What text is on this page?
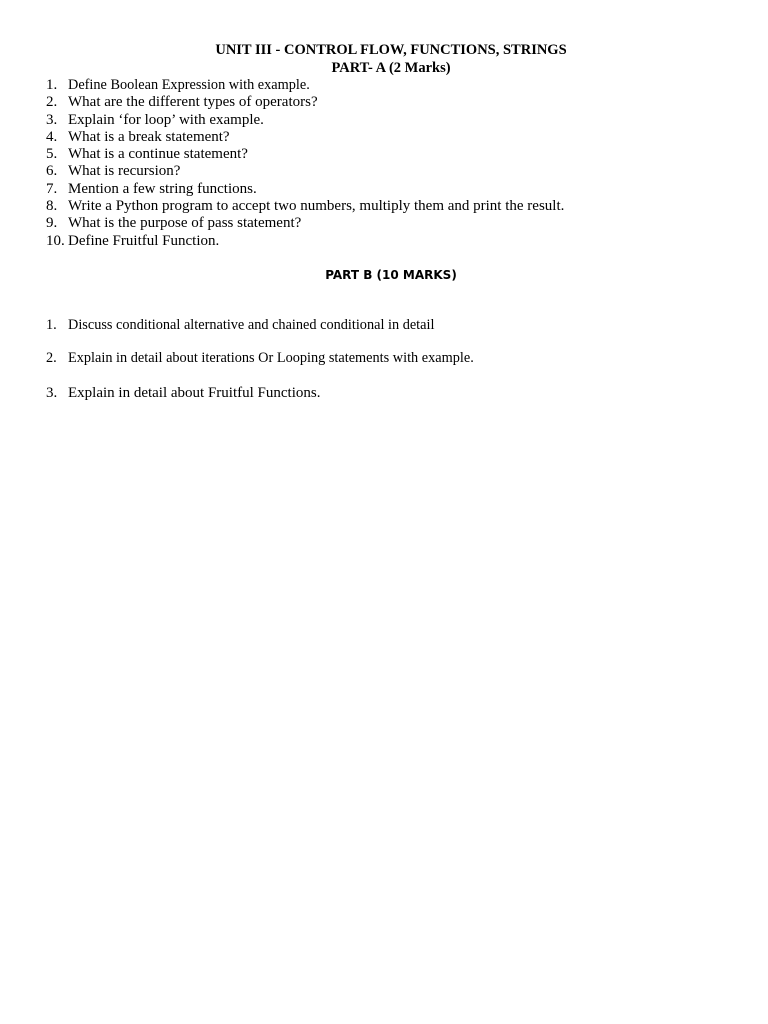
UNIT III - CONTROL FLOW, FUNCTIONS, STRINGS
PART- A (2 Marks)
1. Define Boolean Expression with example.
2. What are the different types of operators?
3. Explain ‘for loop’ with example.
4. What is a break statement?
5. What is a continue statement?
6. What is recursion?
7. Mention a few string functions.
8. Write a Python program to accept two numbers, multiply them and print the result.
9. What is the purpose of pass statement?
10. Define Fruitful Function.
PART B (10 MARKS)

1. Discuss conditional alternative and chained conditional in detail

2. Explain in detail about iterations Or Looping statements with example.

3. Explain in detail about Fruitful Functions.
